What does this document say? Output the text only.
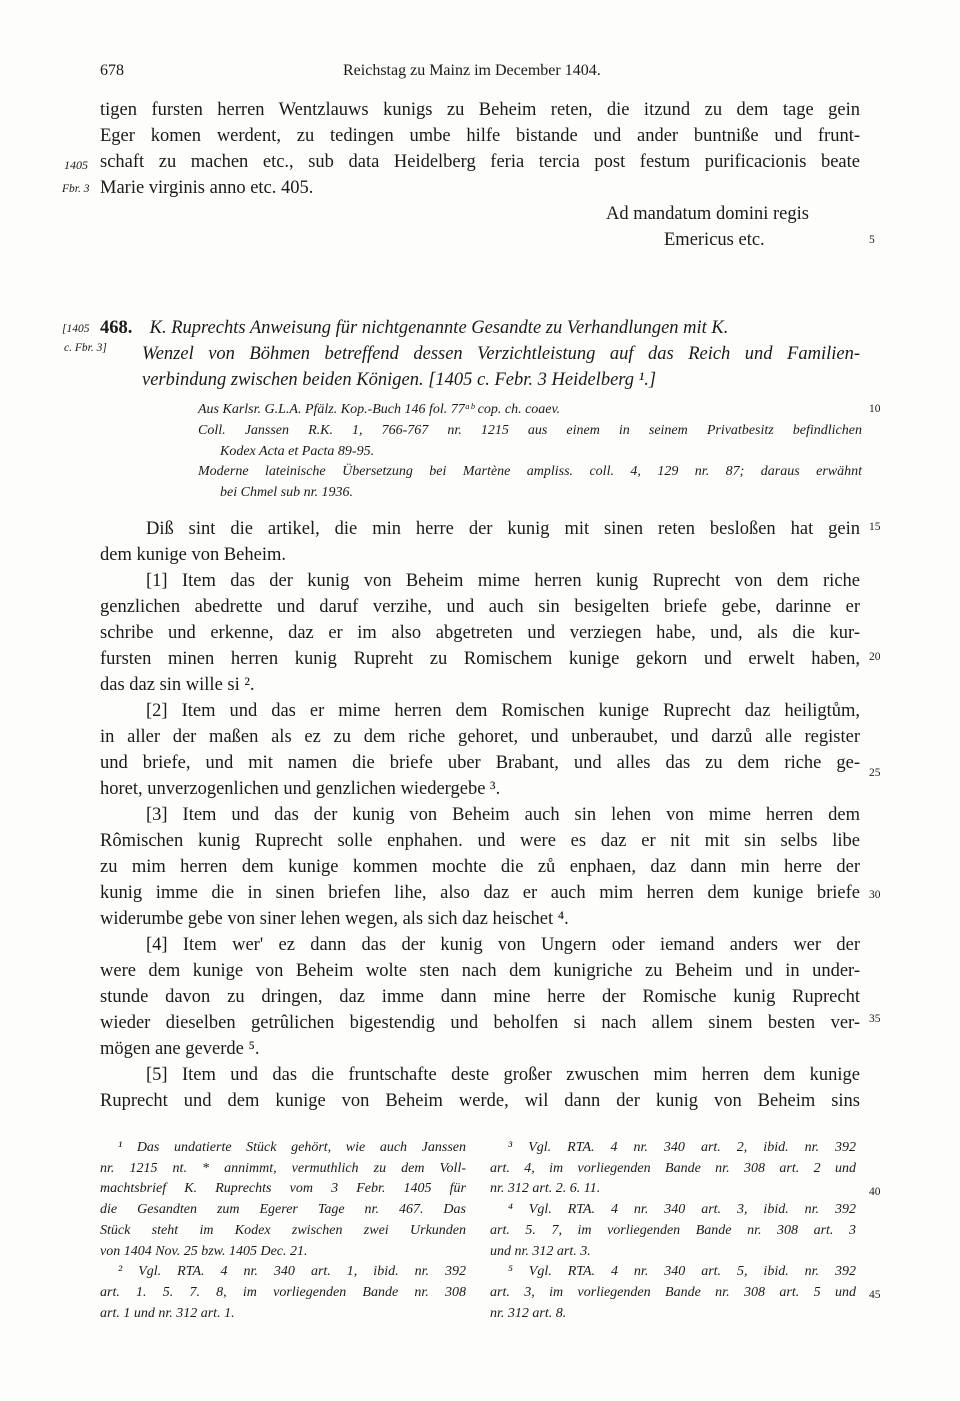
678	Reichstag zu Mainz im December 1404.
tigen fursten herren Wentzlauws kunigs zu Beheim reten, die itzund zu dem tage gein
Eger komen werdent, zu tedingen umbe hilfe bistande und ander buntniße und frunt-
schaft zu machen etc., sub data Heidelberg feria tercia post festum purificacionis beate
Marie virginis anno etc. 405.
1405
Fbr. 3
Ad mandatum domini regis
Emericus etc.
[1405
c. Fbr. 3]
468. K. Ruprechts Anweisung für nichtgenannte Gesandte zu Verhandlungen mit K.
Wenzel von Böhmen betreffend dessen Verzichtleistung auf das Reich und Familien-
verbindung zwischen beiden Königen. [1405 c. Febr. 3 Heidelberg ¹.]
Aus Karlsr. G.L.A. Pfälz. Kop.-Buch 146 fol. 77ᵃᵇ cop. ch. coaev.
Coll. Janssen R.K. 1, 766-767 nr. 1215 aus einem in seinem Privatbesitz befindlichen
Kodex Acta et Pacta 89-95.
Moderne lateinische Übersetzung bei Martène ampliss. coll. 4, 129 nr. 87; daraus erwähnt
bei Chmel sub nr. 1936.
Diß sint die artikel, die min herre der kunig mit sinen reten besloßen hat gein
dem kunige von Beheim.
[1] Item das der kunig von Beheim mime herren kunig Ruprecht von dem riche
genzlichen abedrette und daruf verzihe, und auch sin besigelten briefe gebe, darinne er
schribe und erkenne, daz er im also abgetreten und verziegen habe, und, als die kur-
fursten minen herren kunig Rupreht zu Romischem kunige gekorn und erwelt haben,
das daz sin wille si ².
[2] Item und das er mime herren dem Romischen kunige Ruprecht daz heiligtům,
in aller der maßen als ez zu dem riche gehoret, und unberaubet, und darzů alle register
und briefe, und mit namen die briefe uber Brabant, und alles das zu dem riche ge-
horet, unverzogenlichen und genzlichen wiedergebe ³.
[3] Item und das der kunig von Beheim auch sin lehen von mime herren dem
Rômischen kunig Ruprecht solle enphahen. und were es daz er nit mit sin selbs libe
zu mim herren dem kunige kommen mochte die zů enphaen, daz dann min herre der
kunig imme die in sinen briefen lihe, also daz er auch mim herren dem kunige briefe
widerumbe gebe von siner lehen wegen, als sich daz heischet ⁴.
[4] Item wer' ez dann das der kunig von Ungern oder iemand anders wer der
were dem kunige von Beheim wolte sten nach dem kunigriche zu Beheim und in under-
stunde davon zu dringen, daz imme dann mine herre der Romische kunig Ruprecht
wieder dieselben getrûlichen bigestendig und beholfen si nach allem sinem besten ver-
mögen ane geverde ⁵.
[5] Item und das die fruntschafte deste großer zwuschen mim herren dem kunige
Ruprecht und dem kunige von Beheim werde, wil dann der kunig von Beheim sins
5
10
15
20
25
30
35
40
45
¹ Das undatierte Stück gehört, wie auch Janssen
nr. 1215 nt. * annimmt, vermuthlich zu dem Voll-
machtsbrief K. Ruprechts vom 3 Febr. 1405 für
die Gesandten zum Egerer Tage nr. 467. Das
Stück steht im Kodex zwischen zwei Urkunden
von 1404 Nov. 25 bzw. 1405 Dec. 21.
² Vgl. RTA. 4 nr. 340 art. 1, ibid. nr. 392
art. 1. 5. 7. 8, im vorliegenden Bande nr. 308
art. 1 und nr. 312 art. 1.
³ Vgl. RTA. 4 nr. 340 art. 2, ibid. nr. 392
art. 4, im vorliegenden Bande nr. 308 art. 2 und
nr. 312 art. 2. 6. 11.
⁴ Vgl. RTA. 4 nr. 340 art. 3, ibid. nr. 392
art. 5. 7, im vorliegenden Bande nr. 308 art. 3
und nr. 312 art. 3.
⁵ Vgl. RTA. 4 nr. 340 art. 5, ibid. nr. 392
art. 3, im vorliegenden Bande nr. 308 art. 5 und
nr. 312 art. 8.
